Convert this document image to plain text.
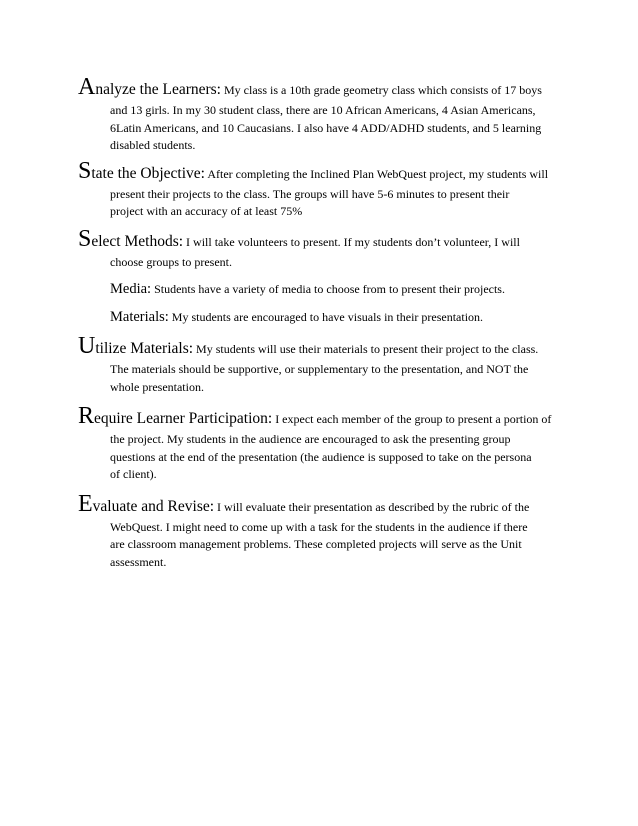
Analyze the Learners: My class is a 10th grade geometry class which consists of 17 boys
and 13 girls. In my 30 student class, there are 10 African Americans, 4 Asian Americans,
6Latin Americans, and 10 Caucasians. I also have 4 ADD/ADHD students, and 5 learning
disabled students.
State the Objective: After completing the Inclined Plan WebQuest project, my students will
present their projects to the class. The groups will have 5-6 minutes to present their
project with an accuracy of at least 75%
Select Methods: I will take volunteers to present. If my students don’t volunteer, I will
choose groups to present.
Media: Students have a variety of media to choose from to present their projects.
Materials: My students are encouraged to have visuals in their presentation.
Utilize Materials: My students will use their materials to present their project to the class.
The materials should be supportive, or supplementary to the presentation, and NOT the
whole presentation.
Require Learner Participation: I expect each member of the group to present a portion of
the project. My students in the audience are encouraged to ask the presenting group
questions at the end of the presentation (the audience is supposed to take on the persona
of client).
Evaluate and Revise: I will evaluate their presentation as described by the rubric of the
WebQuest. I might need to come up with a task for the students in the audience if there
are classroom management problems. These completed projects will serve as the Unit
assessment.
